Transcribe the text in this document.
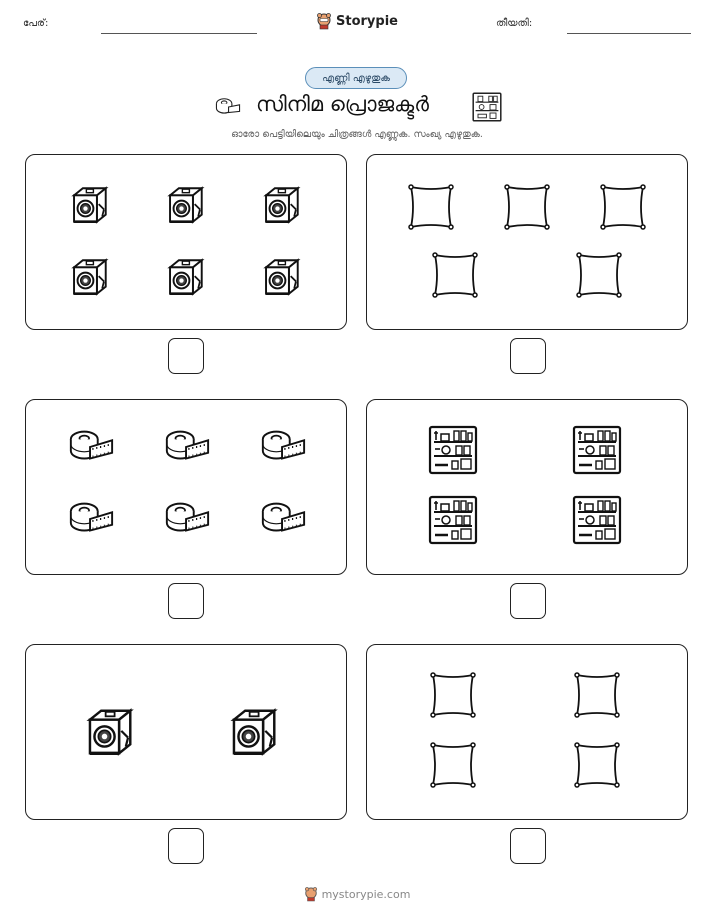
പേര്:	Storypie	തീയതി:
എണ്ണി എഴുതുക
സിനിമ പ്രൊജക്ടർ
ഓരോ പെട്ടിയിലെയും ചിത്രങ്ങൾ എണ്ണുക. സംഖ്യ എഴുതുക.
mystorypie.com
